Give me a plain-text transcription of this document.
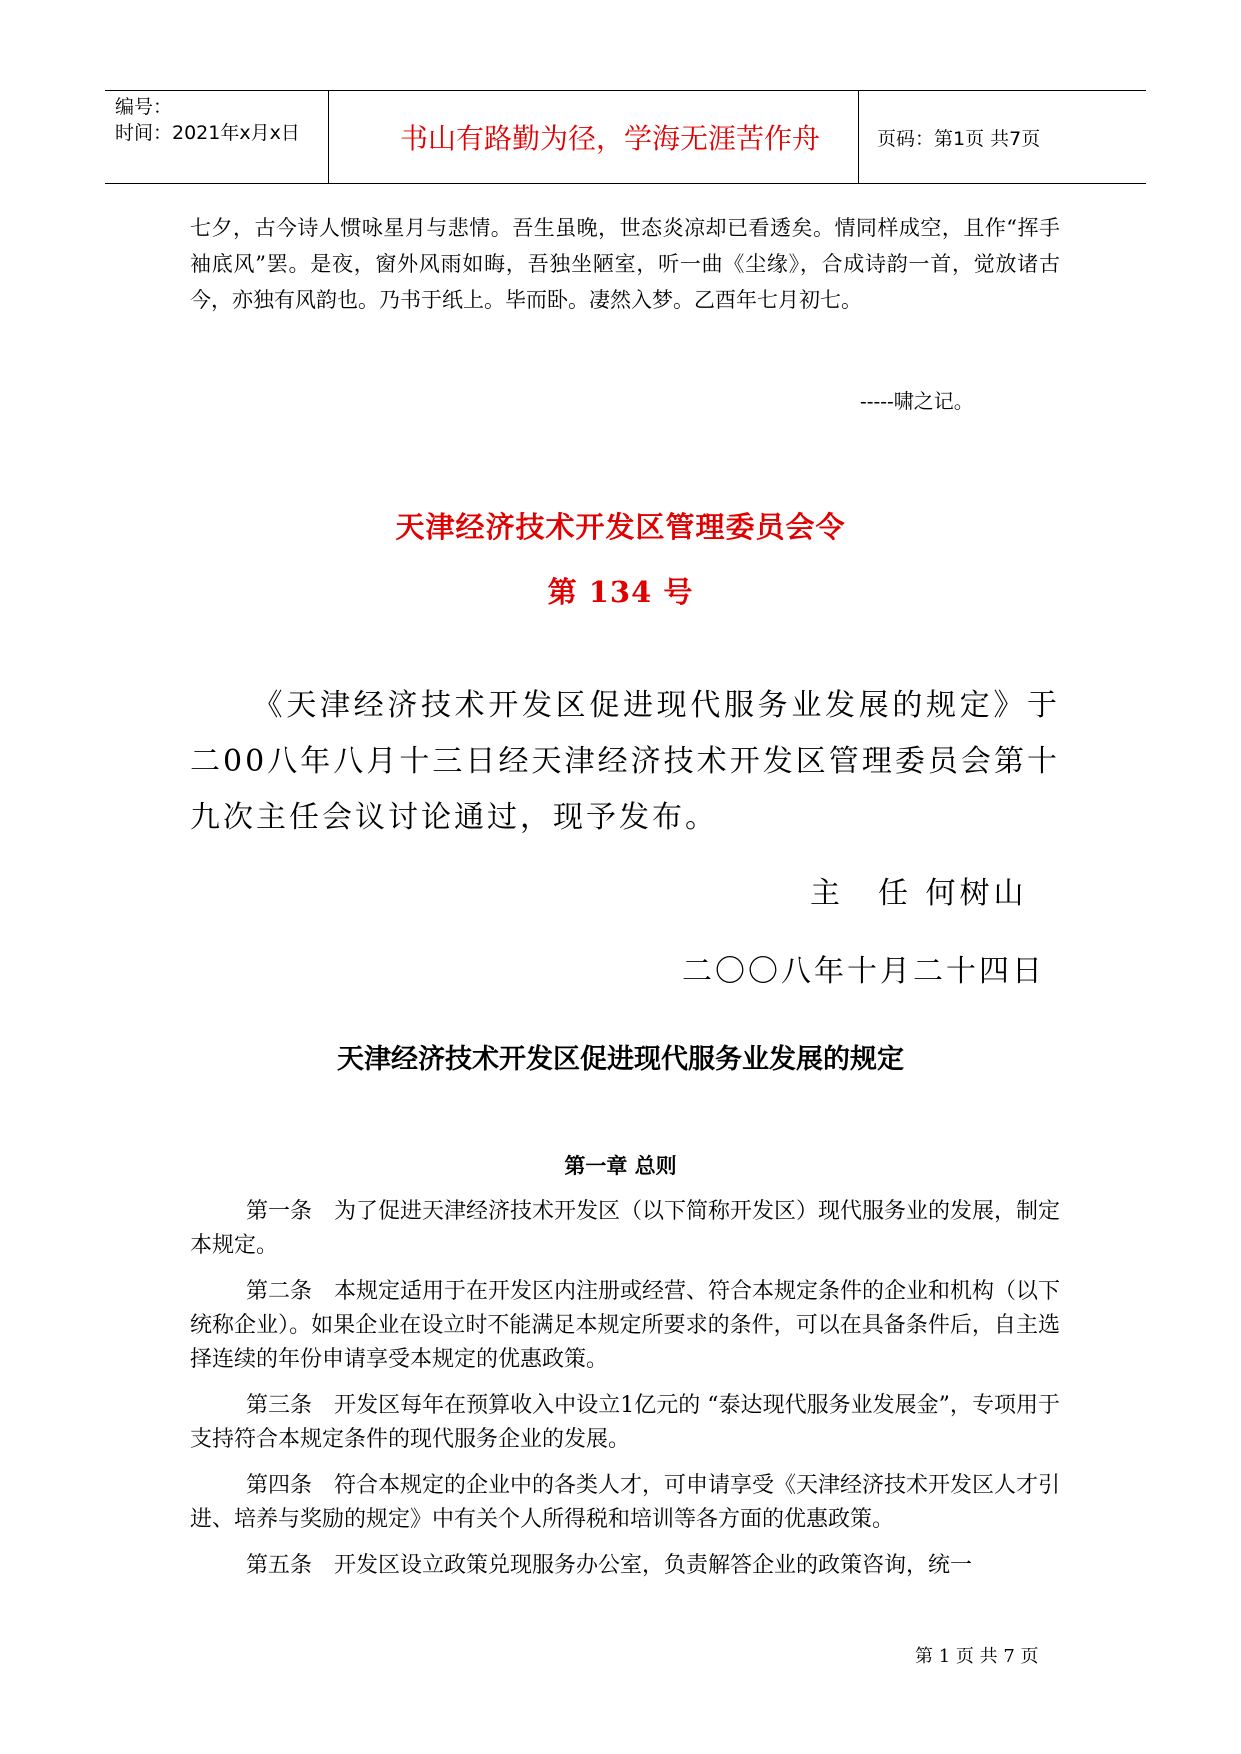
编号：
时间：2021年x月x日	书山有路勤为径，学海无涯苦作舟	页码：第1页 共7页
七夕，古今诗人惯咏星月与悲情。吾生虽晚，世态炎凉却已看透矣。情同样成空，且作“挥手袖底风”罢。是夜，窗外风雨如晦，吾独坐陋室，听一曲《尘缘》，合成诗韵一首，觉放诸古今，亦独有风韵也。乃书于纸上。毕而卧。凄然入梦。乙酉年七月初七。
-----啸之记。
天津经济技术开发区管理委员会令
第 134 号
《天津经济技术开发区促进现代服务业发展的规定》于二00八年八月十三日经天津经济技术开发区管理委员会第十九次主任会议讨论通过，现予发布。
主　任 何树山
二〇〇八年十月二十四日
天津经济技术开发区促进现代服务业发展的规定
第一章 总则

第一条　为了促进天津经济技术开发区（以下简称开发区）现代服务业的发展，制定本规定。

第二条　本规定适用于在开发区内注册或经营、符合本规定条件的企业和机构（以下统称企业）。如果企业在设立时不能满足本规定所要求的条件，可以在具备条件后，自主选择连续的年份申请享受本规定的优惠政策。

第三条　开发区每年在预算收入中设立1亿元的 “泰达现代服务业发展金”，专项用于支持符合本规定条件的现代服务企业的发展。

第四条　符合本规定的企业中的各类人才，可申请享受《天津经济技术开发区人才引进、培养与奖励的规定》中有关个人所得税和培训等各方面的优惠政策。

第五条　开发区设立政策兑现服务办公室，负责解答企业的政策咨询，统一

第 1 页 共 7 页
